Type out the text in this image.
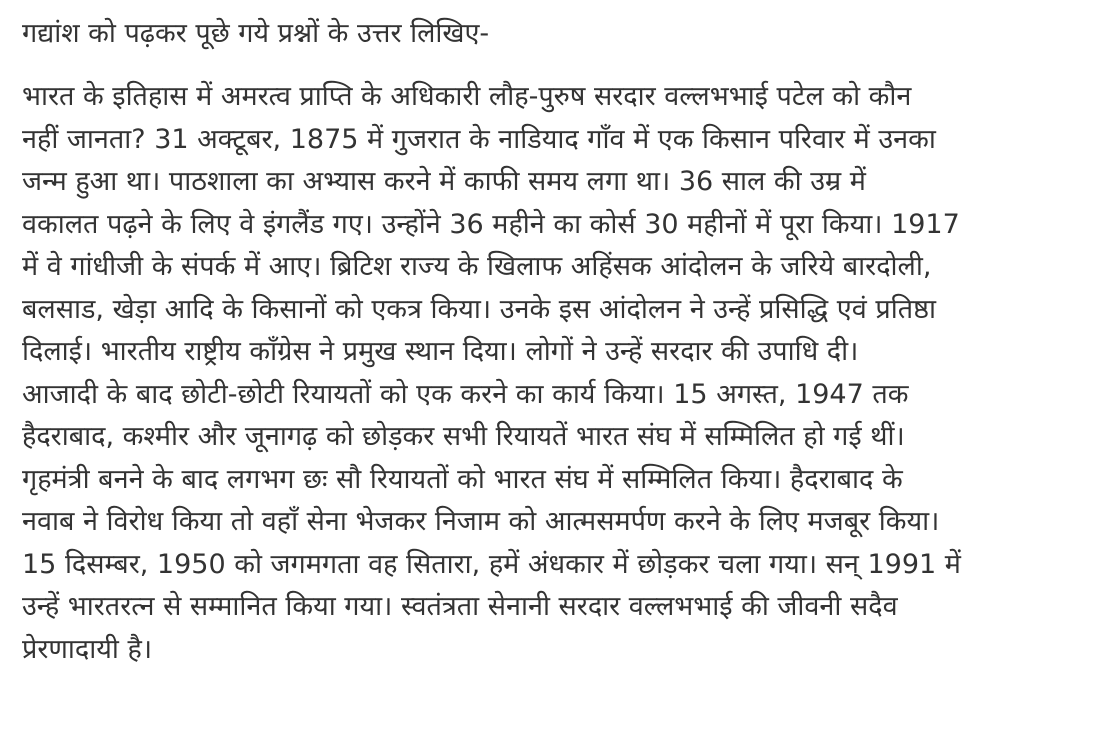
गद्यांश को पढ़कर पूछे गये प्रश्नों के उत्तर लिखिए-

भारत के इतिहास में अमरत्व प्राप्ति के अधिकारी लौह-पुरुष सरदार वल्लभभाई पटेल को कौन
नहीं जानता? 31 अक्टूबर, 1875 में गुजरात के नाडियाद गाँव में एक किसान परिवार में उनका
जन्म हुआ था। पाठशाला का अभ्यास करने में काफी समय लगा था। 36 साल की उम्र में
वकालत पढ़ने के लिए वे इंगलैंड गए। उन्होंने 36 महीने का कोर्स 30 महीनों में पूरा किया। 1917
में वे गांधीजी के संपर्क में आए। ब्रिटिश राज्य के खिलाफ अहिंसक आंदोलन के जरिये बारदोली,
बलसाड, खेड़ा आदि के किसानों को एकत्र किया। उनके इस आंदोलन ने उन्हें प्रसिद्धि एवं प्रतिष्ठा
दिलाई। भारतीय राष्ट्रीय काँग्रेस ने प्रमुख स्थान दिया। लोगों ने उन्हें सरदार की उपाधि दी।
आजादी के बाद छोटी-छोटी रियायतों को एक करने का कार्य किया। 15 अगस्त, 1947 तक
हैदराबाद, कश्मीर और जूनागढ़ को छोड़कर सभी रियायतें भारत संघ में सम्मिलित हो गई थीं।
गृहमंत्री बनने के बाद लगभग छः सौ रियायतों को भारत संघ में सम्मिलित किया। हैदराबाद के
नवाब ने विरोध किया तो वहाँ सेना भेजकर निजाम को आत्मसमर्पण करने के लिए मजबूर किया।
15 दिसम्बर, 1950 को जगमगता वह सितारा, हमें अंधकार में छोड़कर चला गया। सन् 1991 में
उन्हें भारतरत्न से सम्मानित किया गया। स्वतंत्रता सेनानी सरदार वल्लभभाई की जीवनी सदैव
प्रेरणादायी है।
